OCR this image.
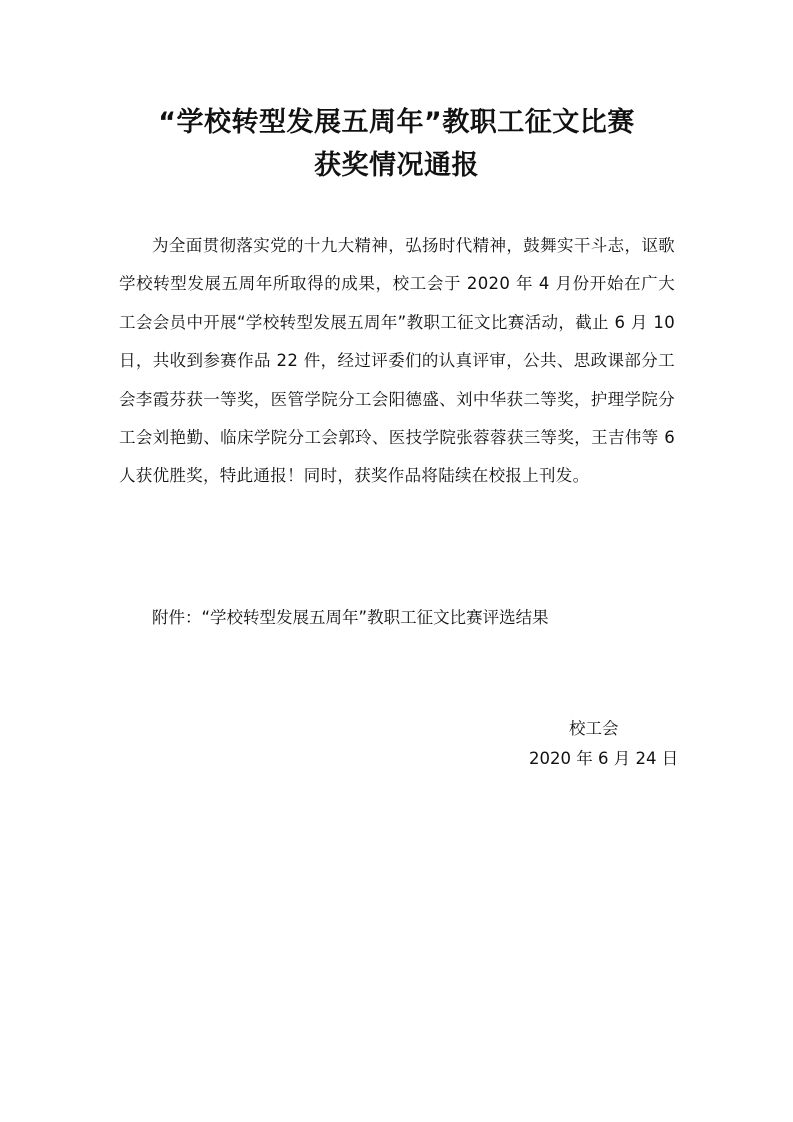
“学校转型发展五周年”教职工征文比赛
获奖情况通报
为全面贯彻落实党的十九大精神，弘扬时代精神，鼓舞实干斗志，讴歌学校转型发展五周年所取得的成果，校工会于 2020 年 4 月份开始在广大工会会员中开展“学校转型发展五周年”教职工征文比赛活动，截止 6 月 10 日，共收到参赛作品 22 件，经过评委们的认真评审，公共、思政课部分工会李霞芬获一等奖，医管学院分工会阳德盛、刘中华获二等奖，护理学院分工会刘艳勤、临床学院分工会郭玲、医技学院张蓉蓉获三等奖，王吉伟等 6 人获优胜奖，特此通报！同时，获奖作品将陆续在校报上刊发。
附件：“学校转型发展五周年”教职工征文比赛评选结果
校工会
2020 年 6 月 24 日
